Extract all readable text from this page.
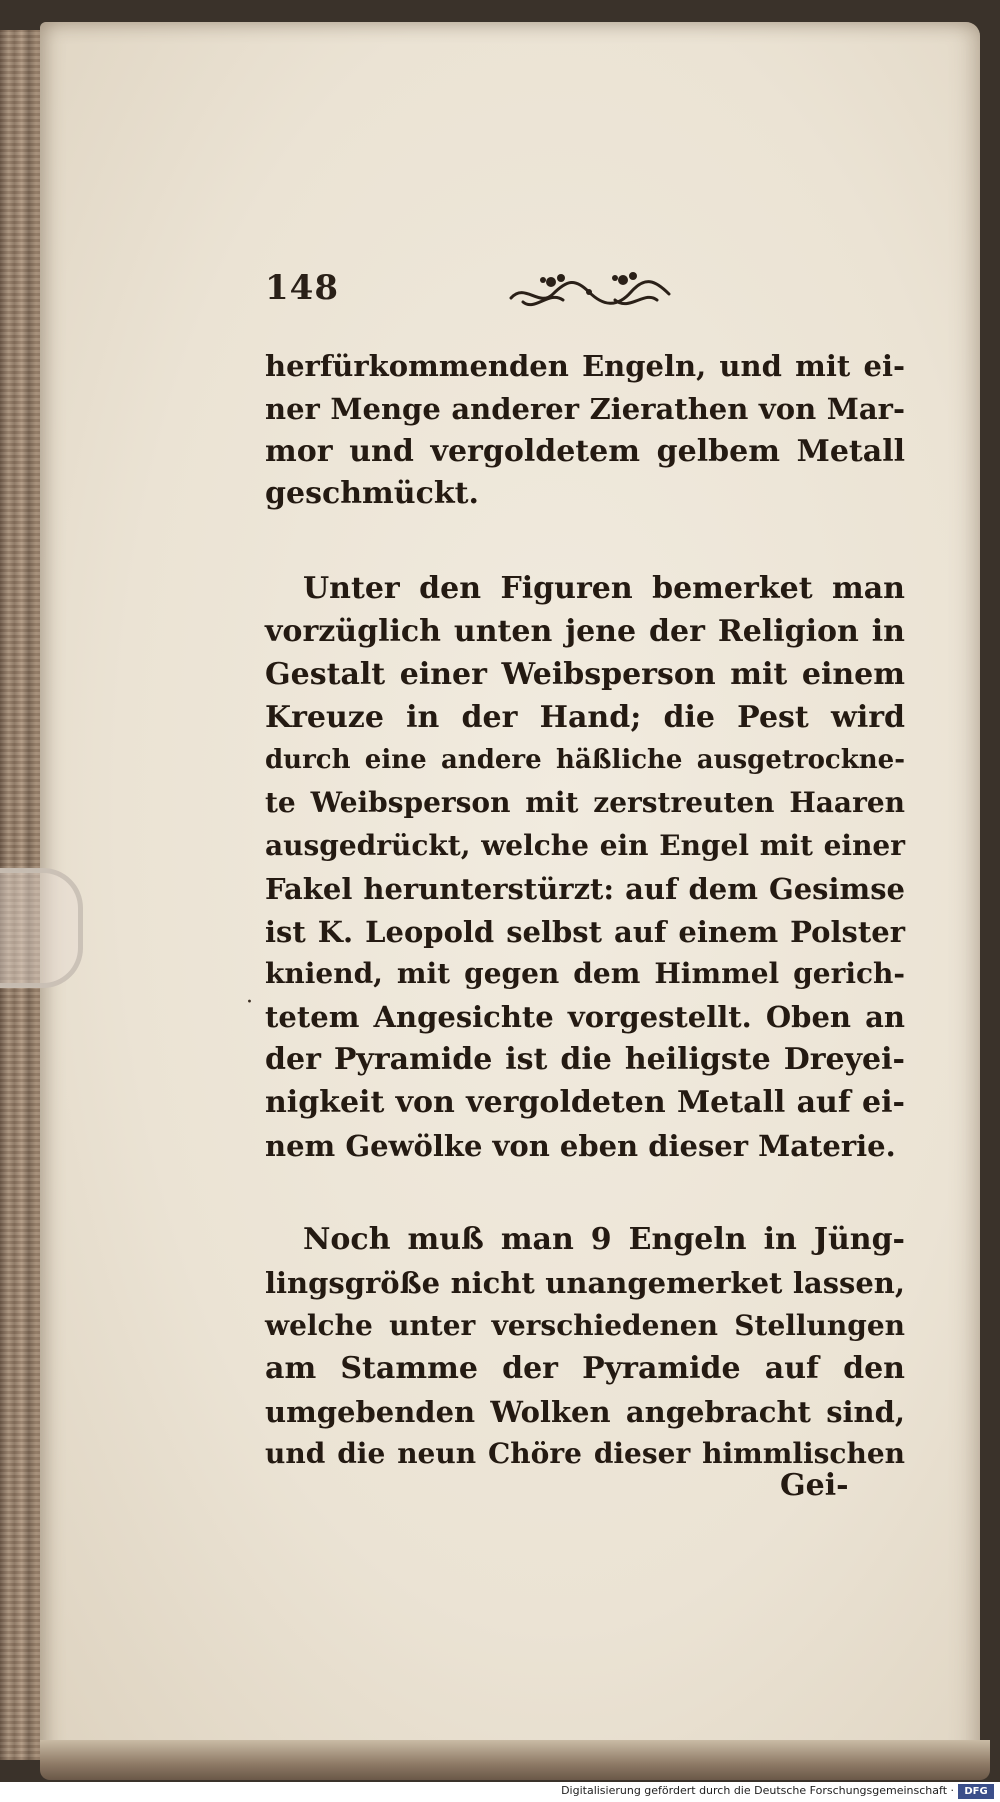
148
·

herfürkommenden Engeln, und mit ei-
ner Menge anderer Zierathen von Mar-
mor und vergoldetem gelbem Metall
geschmückt.

Unter den Figuren bemerket man
vorzüglich unten jene der Religion in
Gestalt einer Weibsperson mit einem
Kreuze in der Hand; die Pest wird
durch eine andere häßliche ausgetrockne-
te Weibsperson mit zerstreuten Haaren
ausgedrückt, welche ein Engel mit einer
Fakel herunterstürzt: auf dem Gesimse
ist K. Leopold selbst auf einem Polster
kniend, mit gegen dem Himmel gerich-
tetem Angesichte vorgestellt. Oben an
der Pyramide ist die heiligste Dreyei-
nigkeit von vergoldeten Metall auf ei-
nem Gewölke von eben dieser Materie.

Noch muß man 9 Engeln in Jüng-
lingsgröße nicht unangemerket lassen,
welche unter verschiedenen Stellungen
am Stamme der Pyramide auf den
umgebenden Wolken angebracht sind,
und die neun Chöre dieser himmlischen

Gei-
Digitalisierung gefördert durch die Deutsche Forschungsgemeinschaft ·	DFG
